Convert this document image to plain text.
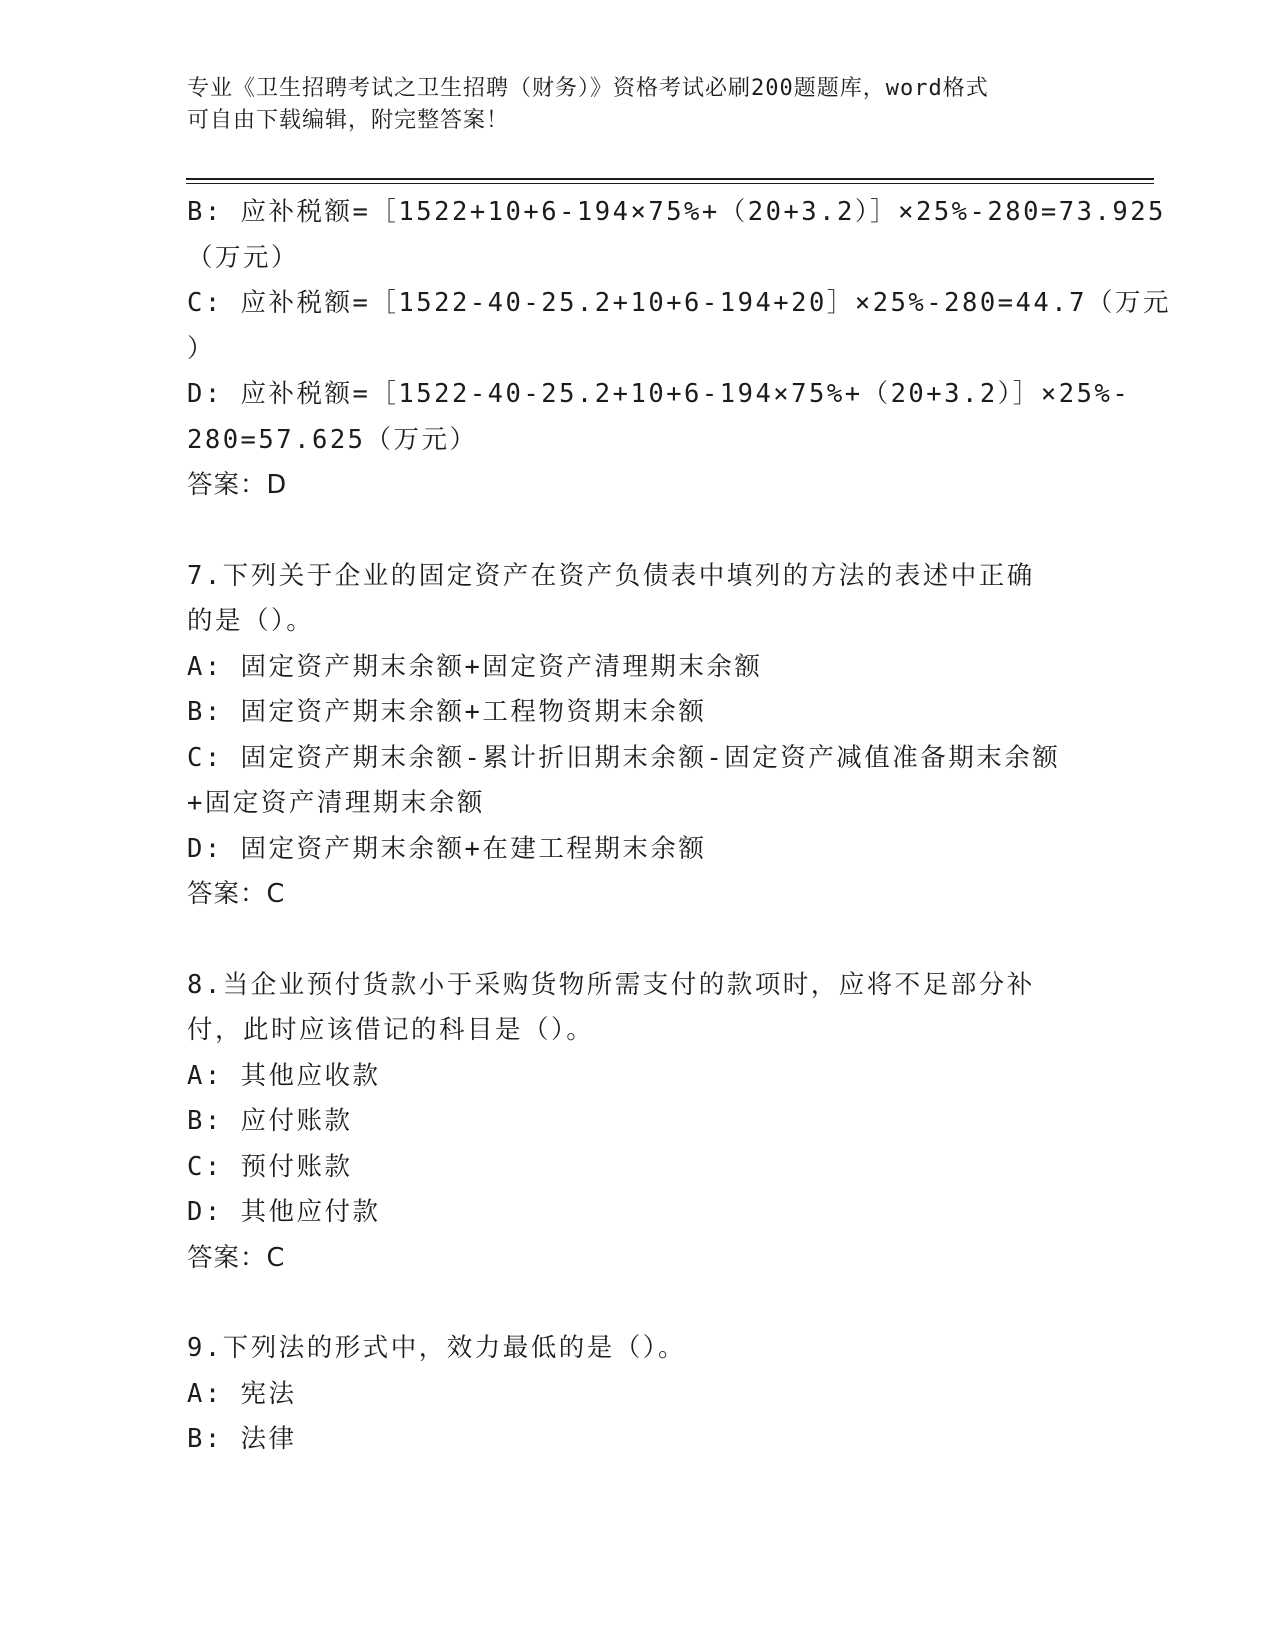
专业《卫生招聘考试之卫生招聘（财务）》资格考试必刷200题题库，word格式
可自由下载编辑，附完整答案！
B: 应补税额=［1522+10+6-194×75%+（20+3.2）］×25%-280=73.925
（万元）
C: 应补税额=［1522-40-25.2+10+6-194+20］×25%-280=44.7（万元
）
D: 应补税额=［1522-40-25.2+10+6-194×75%+（20+3.2）］×25%-
280=57.625（万元）
答案：D
7.下列关于企业的固定资产在资产负债表中填列的方法的表述中正确
的是（）。
A: 固定资产期末余额+固定资产清理期末余额
B: 固定资产期末余额+工程物资期末余额
C: 固定资产期末余额-累计折旧期末余额-固定资产减值准备期末余额
+固定资产清理期末余额
D: 固定资产期末余额+在建工程期末余额
答案：C
8.当企业预付货款小于采购货物所需支付的款项时，应将不足部分补
付，此时应该借记的科目是（）。
A: 其他应收款
B: 应付账款
C: 预付账款
D: 其他应付款
答案：C
9.下列法的形式中，效力最低的是（）。
A: 宪法
B: 法律
